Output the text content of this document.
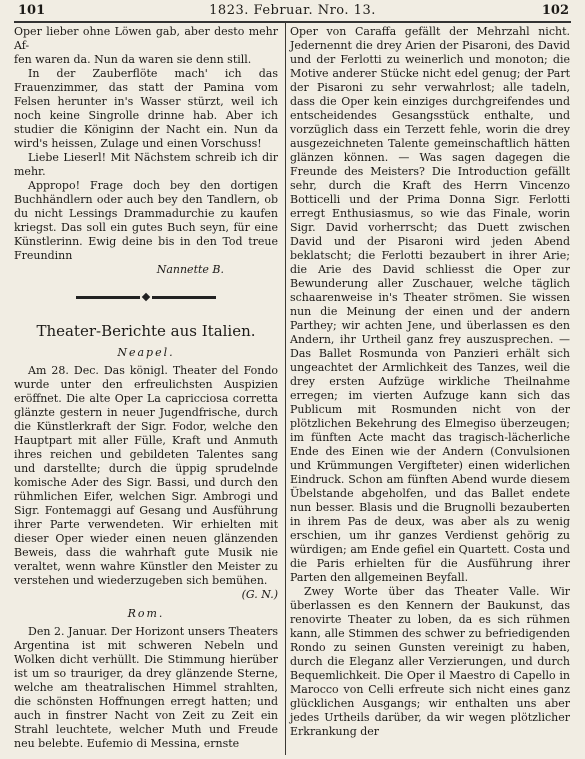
101	1823. Februar. Nro. 13.	102

Oper lieber ohne Löwen gab, aber desto mehr Af-

fen waren da. Nun da waren sie denn still.

In der Zauberflöte mach' ich das Frauenzimmer, das statt der Pamina vom Felsen herunter in's Wasser stürzt, weil ich noch keine Singrolle drinne hab. Aber ich studier die Königinn der Nacht ein. Nun da wird's heissen, Zulage und einen Vorschuss!

Liebe Lieserl! Mit Nächstem schreib ich dir mehr.

Appropo! Frage doch bey den dortigen Buchhändlern oder auch bey den Tandlern, ob du nicht Lessings Drammadurchie zu kaufen kriegst. Das soll ein gutes Buch seyn, für eine Künstlerinn. Ewig deine bis in den Tod treue Freundinn

Nannette B.

Theater-Berichte aus Italien.

Neapel.

Am 28. Dec. Das königl. Theater del Fondo wurde unter den erfreulichsten Auspizien eröffnet. Die alte Oper La capricciosa corretta glänzte gestern in neuer Jugendfrische, durch die Künstlerkraft der Sigr. Fodor, welche den Hauptpart mit aller Fülle, Kraft und Anmuth ihres reichen und gebildeten Talentes sang und darstellte; durch die üppig sprudelnde komische Ader des Sigr. Bassi, und durch den rühmlichen Eifer, welchen Sigr. Ambrogi und Sigr. Fontemaggi auf Gesang und Ausführung ihrer Parte verwendeten. Wir erhielten mit dieser Oper wieder einen neuen glänzenden Beweis, dass die wahrhaft gute Musik nie veraltet, wenn wahre Künstler den Meister zu verstehen und wiederzugeben sich bemühen.

(G. N.)

Rom.

Den 2. Januar. Der Horizont unsers Theaters Argentina ist mit schweren Nebeln und Wolken dicht verhüllt. Die Stimmung hierüber ist um so trauriger, da drey glänzende Sterne, welche am theatralischen Himmel strahlten, die schönsten Hoffnungen erregt hatten; und auch in finstrer Nacht von Zeit zu Zeit ein Strahl leuchtete, welcher Muth und Freude neu belebte. Eufemio di Messina, ernste

Oper von Caraffa gefällt der Mehrzahl nicht. Jedernennt die drey Arien der Pisaroni, des David und der Ferlotti zu weinerlich und monoton; die Motive anderer Stücke nicht edel genug; der Part der Pisaroni zu sehr verwahrlost; alle tadeln, dass die Oper kein einziges durchgreifendes und entscheidendes Gesangsstück enthalte, und vorzüglich dass ein Terzett fehle, worin die drey ausgezeichneten Talente gemeinschaftlich hätten glänzen können. — Was sagen dagegen die Freunde des Meisters? Die Introduction gefällt sehr, durch die Kraft des Herrn Vincenzo Botticelli und der Prima Donna Sigr. Ferlotti erregt Enthusiasmus, so wie das Finale, worin Sigr. David vorherrscht; das Duett zwischen David und der Pisaroni wird jeden Abend beklatscht; die Ferlotti bezaubert in ihrer Arie; die Arie des David schliesst die Oper zur Bewunderung aller Zuschauer, welche täglich schaarenweise in's Theater strömen. Sie wissen nun die Meinung der einen und der andern Parthey; wir achten Jene, und überlassen es den Andern, ihr Urtheil ganz frey auszusprechen. — Das Ballet Rosmunda von Panzieri erhält sich ungeachtet der Armlichkeit des Tanzes, weil die drey ersten Aufzüge wirkliche Theilnahme erregen; im vierten Aufzuge kann sich das Publicum mit Rosmunden nicht von der plötzlichen Bekehrung des Elmegiso überzeugen; im fünften Acte macht das tragisch-lächerliche Ende des Einen wie der Andern (Convulsionen und Krümmungen Vergifteter) einen widerlichen Eindruck. Schon am fünften Abend wurde diesem Übelstande abgeholfen, und das Ballet endete nun besser. Blasis und die Brugnolli bezauberten in ihrem Pas de deux, was aber als zu wenig erschien, um ihr ganzes Verdienst gehörig zu würdigen; am Ende gefiel ein Quartett. Costa und die Paris erhielten für die Ausführung ihrer Parten den allgemeinen Beyfall.

Zwey Worte über das Theater Valle. Wir überlassen es den Kennern der Baukunst, das renovirte Theater zu loben, da es sich rühmen kann, alle Stimmen des schwer zu befriedigenden Rondo zu seinen Gunsten vereinigt zu haben, durch die Eleganz aller Verzierungen, und durch Bequemlichkeit. Die Oper il Maestro di Capello in Marocco von Celli erfreute sich nicht eines ganz glücklichen Ausgangs; wir enthalten uns aber jedes Urtheils darüber, da wir wegen plötzlicher Erkrankung der
